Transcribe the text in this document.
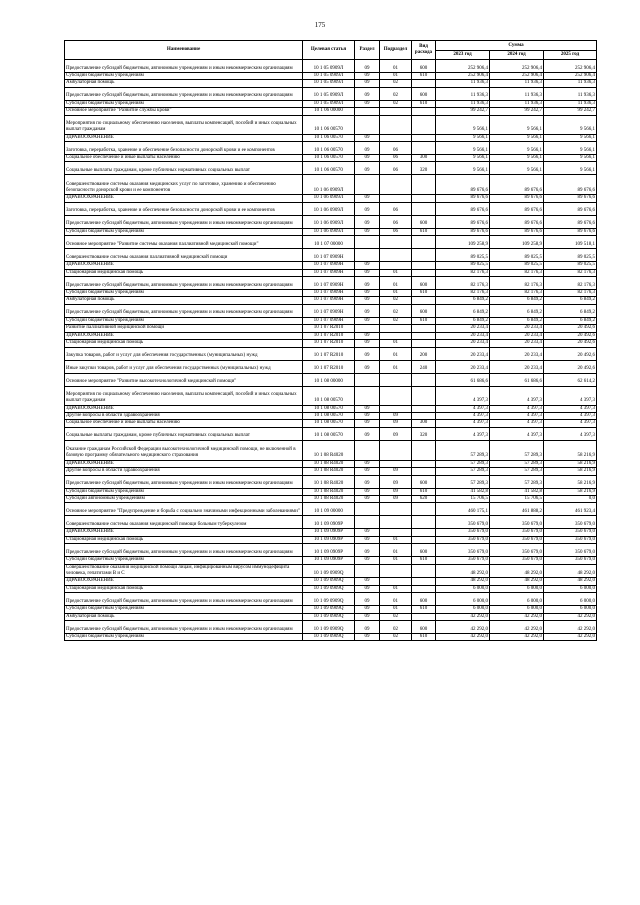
175
Наименование	Целевая статья	Раздел	Подраздел	Вид расхода	Сумма		
					2023 год	2024 год	2025 год
Предоставление субсидий бюджетным, автономным учреждениям и иным некоммерческим организациям	10 1 05 0909Л	09	01	600	252 906,4	252 906,4	252 906,4
Субсидии бюджетным учреждениям	10 1 05 0909Л	09	01	610	252 906,4	252 906,4	252 906,4
Амбулаторная помощь	10 1 05 0909Л	09	02		11 936,3	11 936,3	11 936,3
Предоставление субсидий бюджетным, автономным учреждениям и иным некоммерческим организациям	10 1 05 0909Л	09	02	600	11 936,3	11 936,3	11 936,3
Субсидии бюджетным учреждениям	10 1 05 0909Л	09	02	610	11 936,3	11 936,3	11 936,3
Основное мероприятие "Развитие службы крови"	10 1 06 00000				99 242,7	99 242,7	99 242,7
Мероприятия по социальному обеспечению населения, выплаты компенсаций, пособий и иных социальных выплат гражданам	10 1 06 00570				9 566,1	9 566,1	9 566,1
ЗДРАВООХРАНЕНИЕ	10 1 06 00570	09			9 566,1	9 566,1	9 566,1
Заготовка, переработка, хранение и обеспечение безопасности донорской крови и ее компонентов	10 1 06 00570	09	06		9 566,1	9 566,1	9 566,1
Социальное обеспечение и иные выплаты населению	10 1 06 00570	09	06	300	9 566,1	9 566,1	9 566,1
Социальные выплаты гражданам, кроме публичных нормативных социальных выплат	10 1 06 00570	09	06	320	9 566,1	9 566,1	9 566,1
Совершенствование системы оказания медицинских услуг по заготовке, хранению и обеспечению безопасности донорской крови и ее компонентов	10 1 06 0909Л				89 676,6	89 676,6	89 676,6
ЗДРАВООХРАНЕНИЕ	10 1 06 0909Л	09			89 676,6	89 676,6	89 676,6
Заготовка, переработка, хранение и обеспечение безопасности донорской крови и ее компонентов	10 1 06 0909Л	09	06		89 676,6	89 676,6	89 676,6
Предоставление субсидий бюджетным, автономным учреждениям и иным некоммерческим организациям	10 1 06 0909Л	09	06	600	89 676,6	89 676,6	89 676,6
Субсидии бюджетным учреждениям	10 1 06 0909Л	09	06	610	89 676,6	89 676,6	89 676,6
Основное мероприятие "Развитие системы оказания паллиативной медицинской помощи"	10 1 07 00000				109 258,9	109 258,9	109 518,1
Совершенствование системы оказания паллиативной медицинской помощи	10 1 07 0909Н				89 025,5	89 025,5	89 025,5
ЗДРАВООХРАНЕНИЕ	10 1 07 0909Н	09			89 025,5	89 025,5	89 025,5
Стационарная медицинская помощь	10 1 07 0909Н	09	01		82 176,3	82 176,3	82 176,3
Предоставление субсидий бюджетным, автономным учреждениям и иным некоммерческим организациям	10 1 07 0909Н	09	01	600	82 176,3	82 176,3	82 176,3
Субсидии бюджетным учреждениям	10 1 07 0909Н	09	01	610	82 176,3	82 176,3	82 176,3
Амбулаторная помощь	10 1 07 0909Н	09	02		6 849,2	6 849,2	6 849,2
Предоставление субсидий бюджетным, автономным учреждениям и иным некоммерческим организациям	10 1 07 0909Н	09	02	600	6 849,2	6 849,2	6 849,2
Субсидии бюджетным учреждениям	10 1 07 0909Н	09	02	610	6 849,2	6 849,2	6 849,2
Развитие паллиативной медицинской помощи	10 1 07 R2010				20 233,4	20 233,4	20 492,6
ЗДРАВООХРАНЕНИЕ	10 1 07 R2010	09			20 233,4	20 233,4	20 492,6
Стационарная медицинская помощь	10 1 07 R2010	09	01		20 233,4	20 233,4	20 492,6
Закупка товаров, работ и услуг для обеспечения государственных (муниципальных) нужд	10 1 07 R2010	09	01	200	20 233,4	20 233,4	20 492,6
Иные закупки товаров, работ и услуг для обеспечения государственных (муниципальных) нужд	10 1 07 R2010	09	01	240	20 233,4	20 233,4	20 492,6
Основное мероприятие "Развитие высокотехнологичной медицинской помощи"	10 1 08 00000				61 686,6	61 686,6	62 614,2
Мероприятия по социальному обеспечению населения, выплаты компенсаций, пособий и иных социальных выплат гражданам	10 1 08 00570				4 397,3	4 397,3	4 397,3
ЗДРАВООХРАНЕНИЕ	10 1 08 00570	09			4 397,3	4 397,3	4 397,3
Другие вопросы в области здравоохранения	10 1 08 00570	09	09		4 397,3	4 397,3	4 397,3
Социальное обеспечение и иные выплаты населению	10 1 08 00570	09	09	300	4 397,3	4 397,3	4 397,3
Социальные выплаты гражданам, кроме публичных нормативных социальных выплат	10 1 08 00570	09	09	320	4 397,3	4 397,3	4 397,3
Оказание гражданам Российской Федерации высокотехнологичной медицинской помощи, не включенной в базовую программу обязательного медицинского страхования	10 1 08 R4020				57 289,3	57 289,3	58 216,9
ЗДРАВООХРАНЕНИЕ	10 1 08 R4020	09			57 289,3	57 289,3	58 216,9
Другие вопросы в области здравоохранения	10 1 08 R4020	09	09		57 289,3	57 289,3	58 216,9
Предоставление субсидий бюджетным, автономным учреждениям и иным некоммерческим организациям	10 1 08 R4020	09	09	600	57 289,3	57 289,3	58 216,9
Субсидии бюджетным учреждениям	10 1 08 R4020	09	09	610	41 582,8	41 582,8	58 216,9
Субсидии автономным учреждениям	10 1 08 R4020	09	09	620	15 706,5	15 706,5	0,0
Основное мероприятие "Предупреждение и борьба с социально значимыми инфекционными заболеваниями"	10 1 09 00000				460 175,1	461 888,2	461 923,4
Совершенствование системы оказания медицинской помощи больным туберкулезом	10 1 09 0909Р				350 679,0	350 679,0	350 679,0
ЗДРАВООХРАНЕНИЕ	10 1 09 0909Р	09			350 679,0	350 679,0	350 679,0
Стационарная медицинская помощь	10 1 09 0909Р	09	01		350 679,0	350 679,0	350 679,0
Предоставление субсидий бюджетным, автономным учреждениям и иным некоммерческим организациям	10 1 09 0909Р	09	01	600	350 679,0	350 679,0	350 679,0
Субсидии бюджетным учреждениям	10 1 09 0909Р	09	01	610	350 679,0	350 679,0	350 679,0
Совершенствование оказания медицинской помощи лицам, инфицированным вирусом иммунодефицита человека, гепатитами B и C	10 1 09 0909Q				48 292,0	48 292,0	48 292,0
ЗДРАВООХРАНЕНИЕ	10 1 09 0909Q	09			48 292,0	48 292,0	48 292,0
Стационарная медицинская помощь	10 1 09 0909Q	09	01		6 000,0	6 000,0	6 000,0
Предоставление субсидий бюджетным, автономным учреждениям и иным некоммерческим организациям	10 1 09 0909Q	09	01	600	6 000,0	6 000,0	6 000,0
Субсидии бюджетным учреждениям	10 1 09 0909Q	09	01	610	6 000,0	6 000,0	6 000,0
Амбулаторная помощь	10 1 09 0909Q	09	02		42 292,0	42 292,0	42 292,0
Предоставление субсидий бюджетным, автономным учреждениям и иным некоммерческим организациям	10 1 09 0909Q	09	02	600	42 292,0	42 292,0	42 292,0
Субсидии бюджетным учреждениям	10 1 09 0909Q	09	02	610	42 292,0	42 292,0	42 292,0
